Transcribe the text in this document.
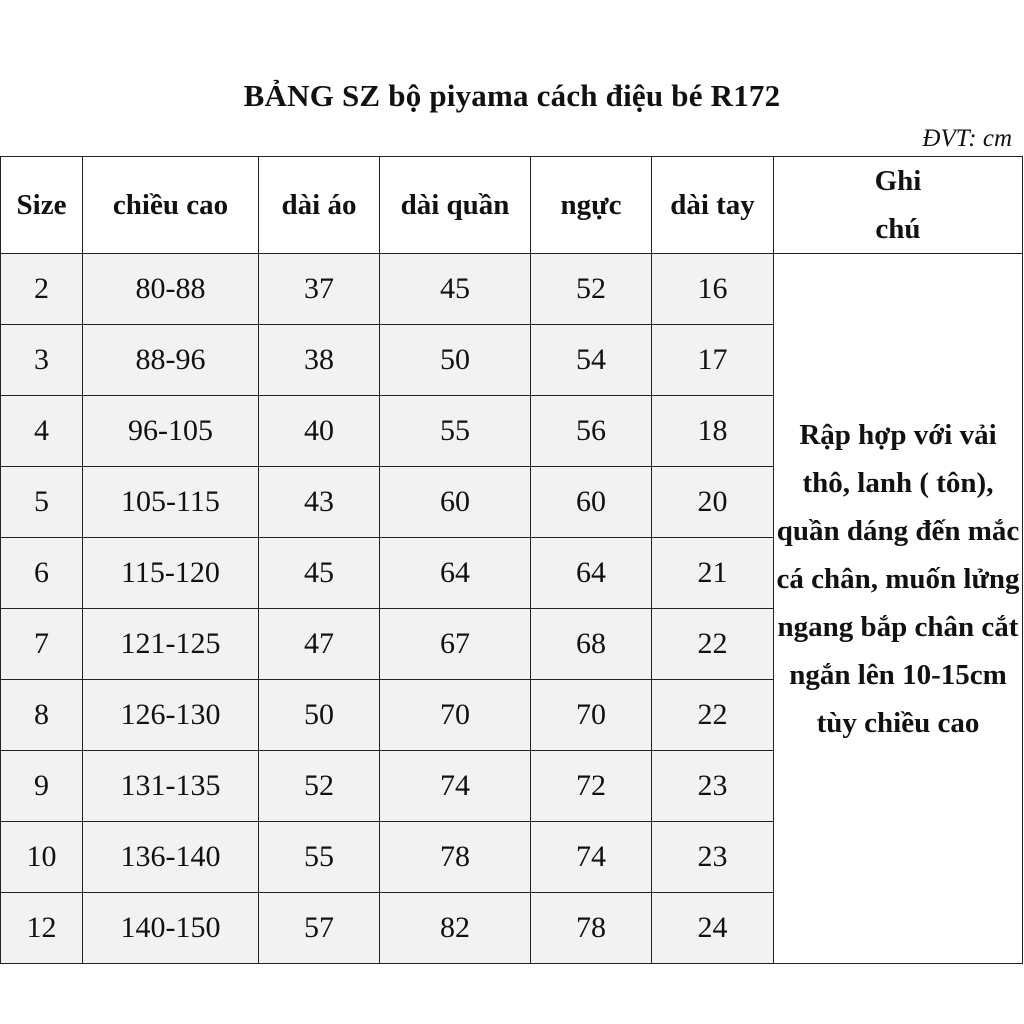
BẢNG SZ bộ piyama cách điệu bé R172
ĐVT: cm
Size	chiều cao	dài áo	dài quần	ngực	dài tay	Ghi
chú

2	80-88	37	45	52	16	Rập hợp với vải thô, lanh ( tôn), quần dáng đến mắc cá chân, muốn lửng ngang bắp chân cắt ngắn lên 10-15cm tùy chiều cao

3	88-96	38	50	54	17	
4	96-105	40	55	56	18	
5	105-115	43	60	60	20	
6	115-120	45	64	64	21	
7	121-125	47	67	68	22	
8	126-130	50	70	70	22	
9	131-135	52	74	72	23	
10	136-140	55	78	74	23	
12	140-150	57	82	78	24	
